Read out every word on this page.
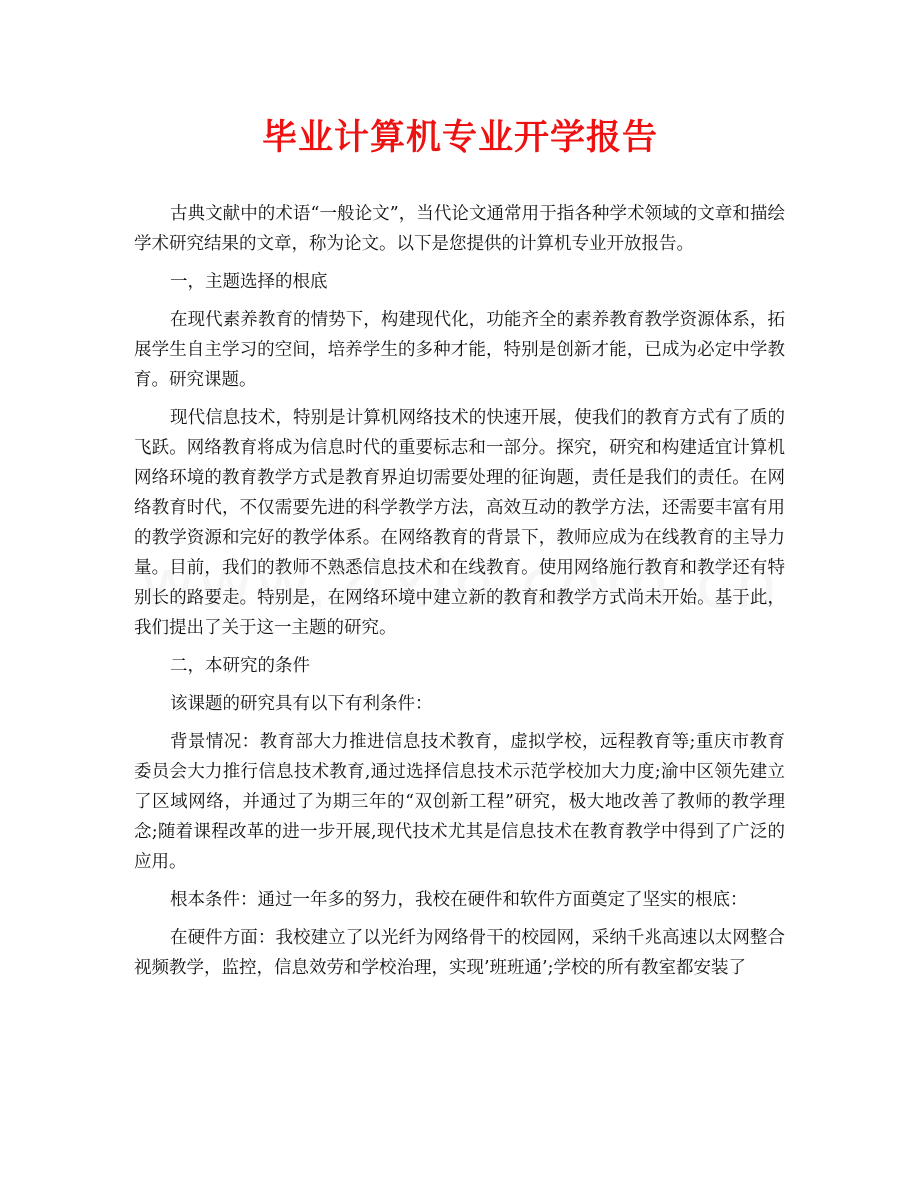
毕业计算机专业开学报告

古典文献中的术语“一般论文”，当代论文通常用于指各种学术领域的文章和描绘学术研究结果的文章，称为论文。以下是您提供的计算机专业开放报告。

一，主题选择的根底

在现代素养教育的情势下，构建现代化，功能齐全的素养教育教学资源体系，拓展学生自主学习的空间，培养学生的多种才能，特别是创新才能，已成为必定中学教育。研究课题。

现代信息技术，特别是计算机网络技术的快速开展，使我们的教育方式有了质的飞跃。网络教育将成为信息时代的重要标志和一部分。探究，研究和构建适宜计算机网络环境的教育教学方式是教育界迫切需要处理的征询题，责任是我们的责任。在网络教育时代，不仅需要先进的科学教学方法，高效互动的教学方法，还需要丰富有用的教学资源和完好的教学体系。在网络教育的背景下，教师应成为在线教育的主导力量。目前，我们的教师不熟悉信息技术和在线教育。使用网络施行教育和教学还有特别长的路要走。特别是，在网络环境中建立新的教育和教学方式尚未开始。基于此，我们提出了关于这一主题的研究。

二，本研究的条件

该课题的研究具有以下有利条件：

背景情况：教育部大力推进信息技术教育，虚拟学校，远程教育等;重庆市教育委员会大力推行信息技术教育,通过选择信息技术示范学校加大力度;渝中区领先建立了区域网络，并通过了为期三年的“双创新工程”研究，极大地改善了教师的教学理念;随着课程改革的进一步开展,现代技术尤其是信息技术在教育教学中得到了广泛的应用。

根本条件：通过一年多的努力，我校在硬件和软件方面奠定了坚实的根底：

在硬件方面：我校建立了以光纤为网络骨干的校园网，采纳千兆高速以太网整合视频教学，监控，信息效劳和学校治理，实现’班班通’;学校的所有教室都安装了
